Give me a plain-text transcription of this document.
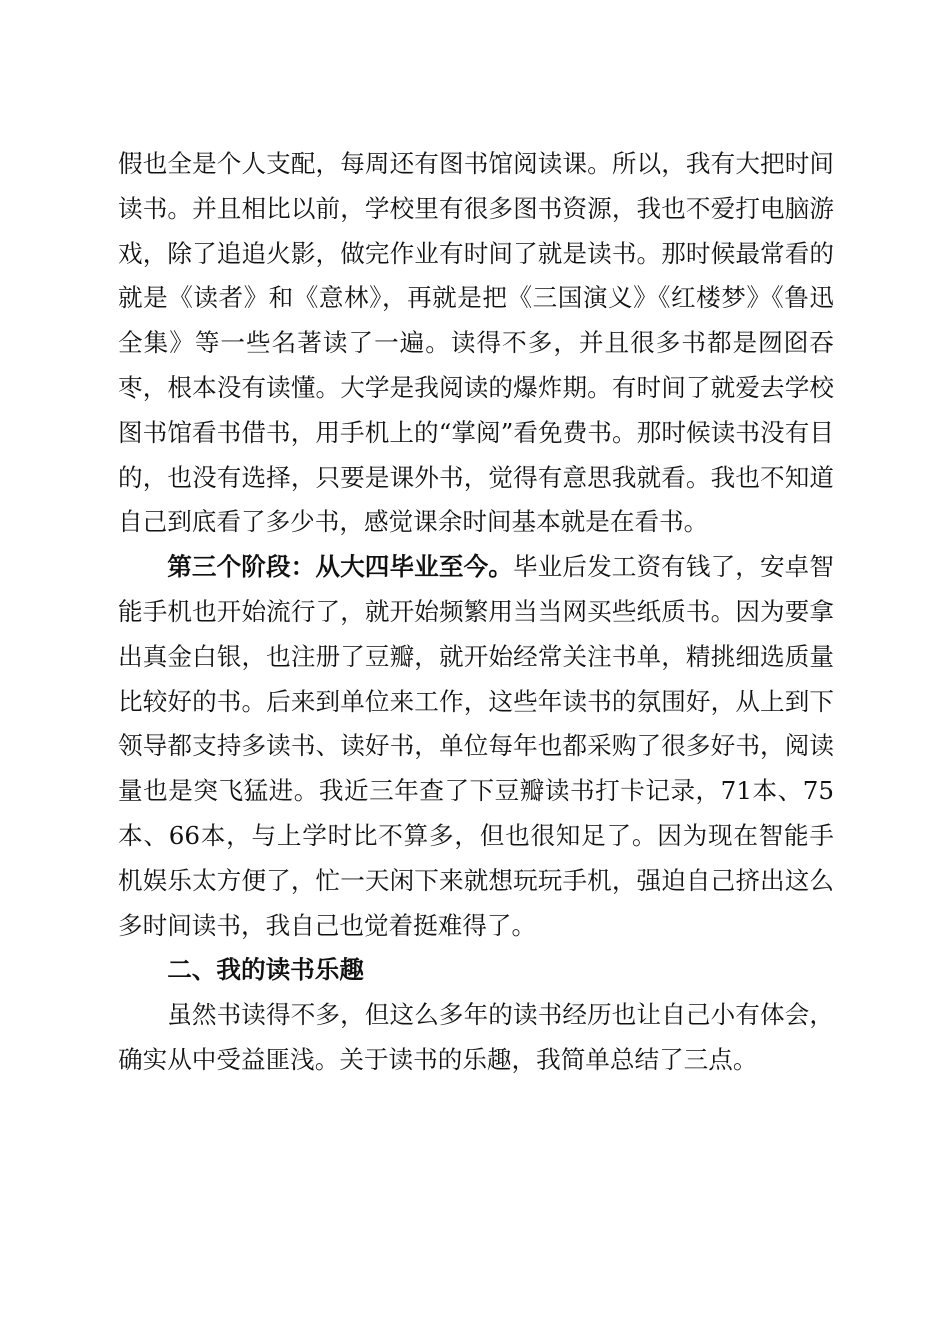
假也全是个人支配，每周还有图书馆阅读课。所以，我有大把时间读书。并且相比以前，学校里有很多图书资源，我也不爱打电脑游戏，除了追追火影，做完作业有时间了就是读书。那时候最常看的就是《读者》和《意林》，再就是把《三国演义》《红楼梦》《鲁迅全集》等一些名著读了一遍。读得不多，并且很多书都是囫囵吞枣，根本没有读懂。大学是我阅读的爆炸期。有时间了就爱去学校图书馆看书借书，用手机上的“掌阅”看免费书。那时候读书没有目的，也没有选择，只要是课外书，觉得有意思我就看。我也不知道自己到底看了多少书，感觉课余时间基本就是在看书。

第三个阶段：从大四毕业至今。毕业后发工资有钱了，安卓智能手机也开始流行了，就开始频繁用当当网买些纸质书。因为要拿出真金白银，也注册了豆瓣，就开始经常关注书单，精挑细选质量比较好的书。后来到单位来工作，这些年读书的氛围好，从上到下领导都支持多读书、读好书，单位每年也都采购了很多好书，阅读量也是突飞猛进。我近三年查了下豆瓣读书打卡记录，71本、75本、66本，与上学时比不算多，但也很知足了。因为现在智能手机娱乐太方便了，忙一天闲下来就想玩玩手机，强迫自己挤出这么多时间读书，我自己也觉着挺难得了。

二、我的读书乐趣

虽然书读得不多，但这么多年的读书经历也让自己小有体会，确实从中受益匪浅。关于读书的乐趣，我简单总结了三点。
